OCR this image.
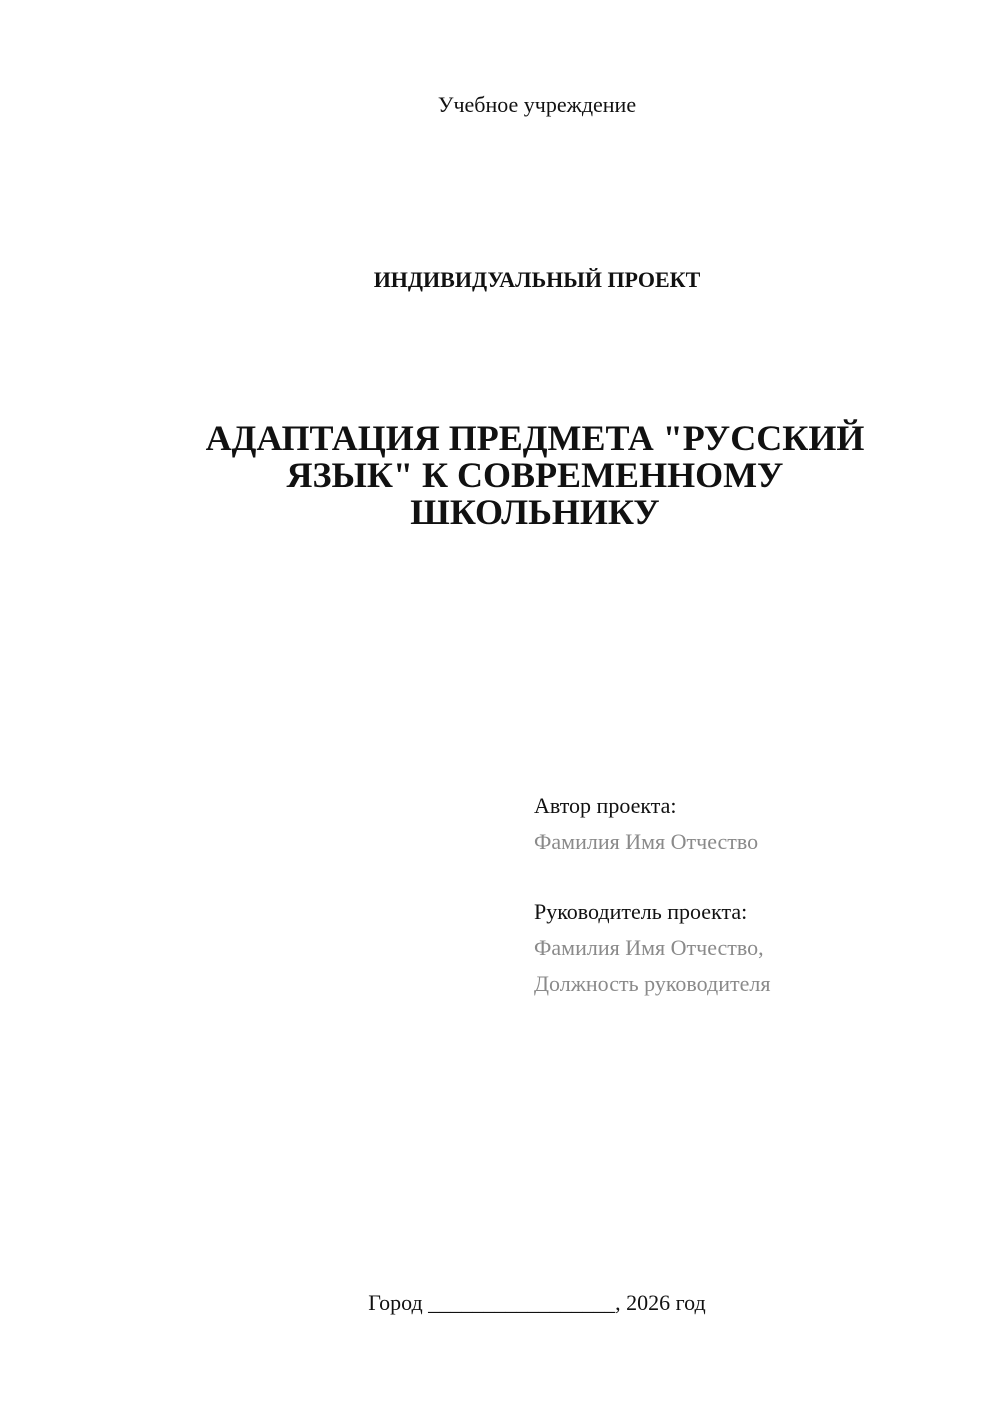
Учебное учреждение
ИНДИВИДУАЛЬНЫЙ ПРОЕКТ
АДАПТАЦИЯ ПРЕДМЕТА "РУССКИЙ
ЯЗЫК" К СОВРЕМЕННОМУ
ШКОЛЬНИКУ
Автор проекта:
Фамилия Имя Отчество
Руководитель проекта:
Фамилия Имя Отчество,
Должность руководителя
Город _________________, 2026 год
